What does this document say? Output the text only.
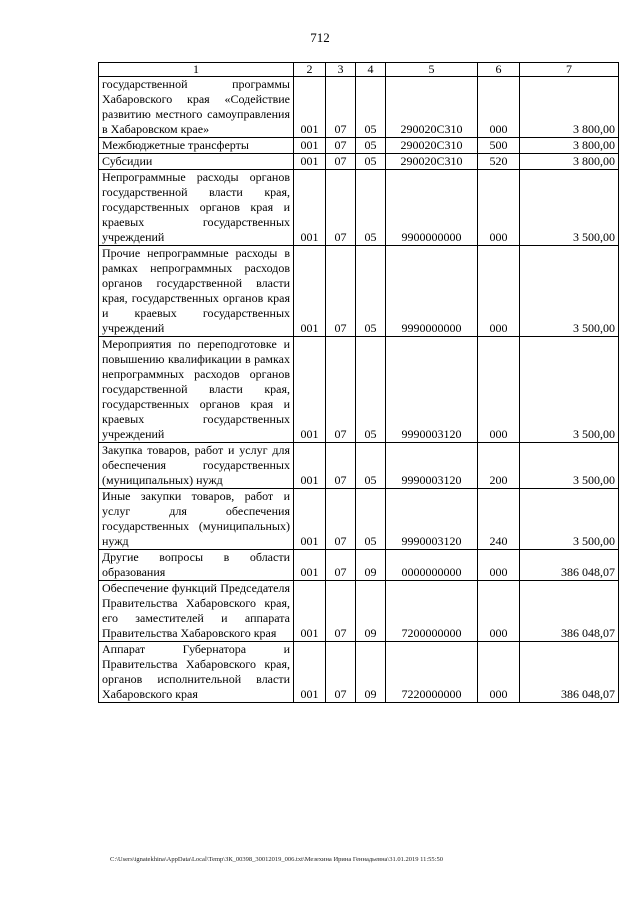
712
1	2	3	4	5	6	7
государственной программы Хабаровского края «Содействие развитию местного самоуправления в Хабаровском крае»	001	07	05	290020С310	000	3 800,00
Межбюджетные трансферты	001	07	05	290020С310	500	3 800,00
Субсидии	001	07	05	290020С310	520	3 800,00
Непрограммные расходы органов государственной власти края, государственных органов края и краевых государственных учреждений	001	07	05	9900000000	000	3 500,00
Прочие непрограммные расходы в рамках непрограммных расходов органов государственной власти края, государственных органов края и краевых государственных учреждений	001	07	05	9990000000	000	3 500,00
Мероприятия по переподготовке и повышению квалификации в рамках непрограммных расходов органов государственной власти края, государственных органов края и краевых государственных учреждений	001	07	05	9990003120	000	3 500,00
Закупка товаров, работ и услуг для обеспечения государственных (муниципальных) нужд	001	07	05	9990003120	200	3 500,00
Иные закупки товаров, работ и услуг для обеспечения государственных (муниципальных) нужд	001	07	05	9990003120	240	3 500,00
Другие вопросы в области образования	001	07	09	0000000000	000	386 048,07
Обеспечение функций Председателя Правительства Хабаровского края, его заместителей и аппарата Правительства Хабаровского края	001	07	09	7200000000	000	386 048,07
Аппарат Губернатора и Правительства Хабаровского края, органов исполнительной власти Хабаровского края	001	07	09	7220000000	000	386 048,07
C:\Users\ignatekhina\AppData\Local\Temp\ЗК_00398_30012019_006.txt\Мезехина Ирина Геннадьевна\31.01.2019 11:55:50
